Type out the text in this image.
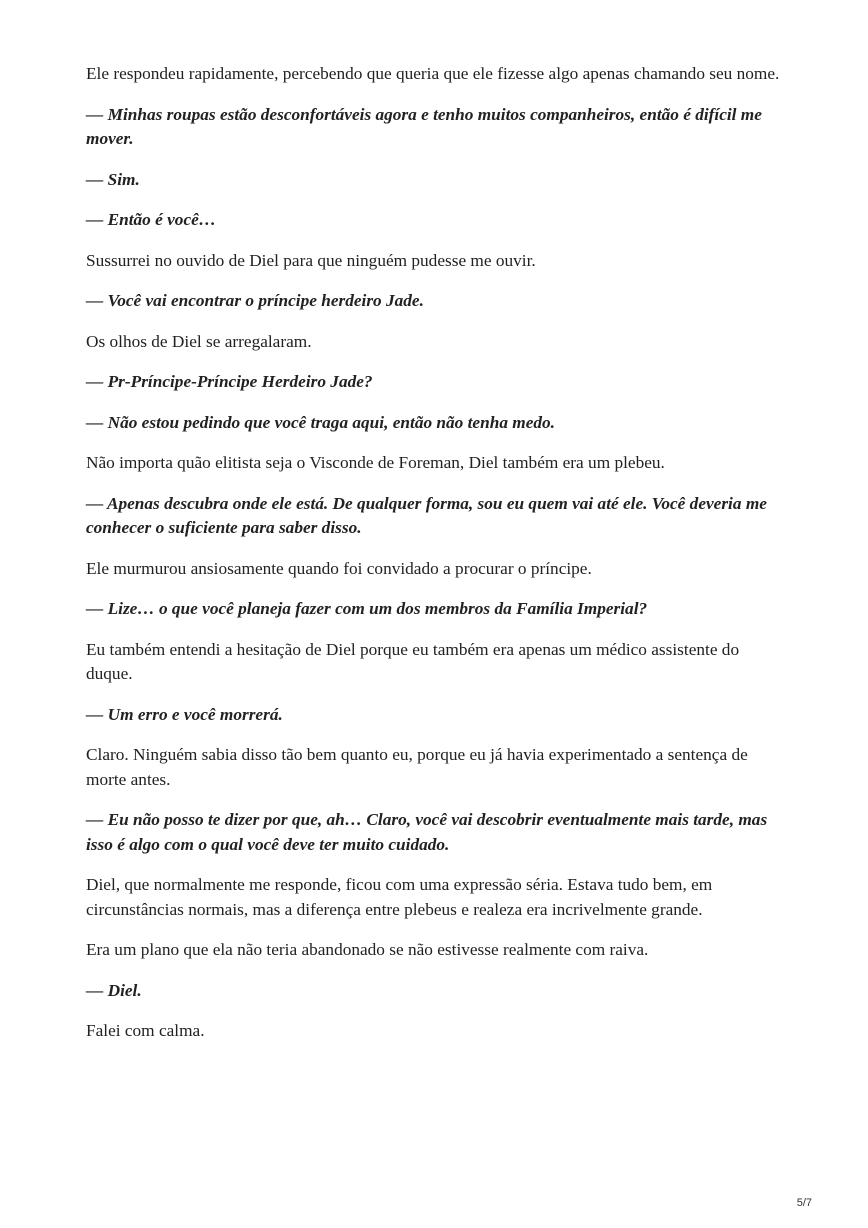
Ele respondeu rapidamente, percebendo que queria que ele fizesse algo apenas chamando seu nome.

— Minhas roupas estão desconfortáveis agora e tenho muitos companheiros, então é difícil me mover.

— Sim.

— Então é você…

Sussurrei no ouvido de Diel para que ninguém pudesse me ouvir.

— Você vai encontrar o príncipe herdeiro Jade.

Os olhos de Diel se arregalaram.

— Pr-Príncipe-Príncipe Herdeiro Jade?

— Não estou pedindo que você traga aqui, então não tenha medo.

Não importa quão elitista seja o Visconde de Foreman, Diel também era um plebeu.

— Apenas descubra onde ele está. De qualquer forma, sou eu quem vai até ele. Você deveria me conhecer o suficiente para saber disso.

Ele murmurou ansiosamente quando foi convidado a procurar o príncipe.

— Lize… o que você planeja fazer com um dos membros da Família Imperial?

Eu também entendi a hesitação de Diel porque eu também era apenas um médico assistente do duque.

— Um erro e você morrerá.

Claro. Ninguém sabia disso tão bem quanto eu, porque eu já havia experimentado a sentença de morte antes.

— Eu não posso te dizer por que, ah… Claro, você vai descobrir eventualmente mais tarde, mas isso é algo com o qual você deve ter muito cuidado.

Diel, que normalmente me responde, ficou com uma expressão séria. Estava tudo bem, em circunstâncias normais, mas a diferença entre plebeus e realeza era incrivelmente grande.

Era um plano que ela não teria abandonado se não estivesse realmente com raiva.

— Diel.

Falei com calma.

5/7
